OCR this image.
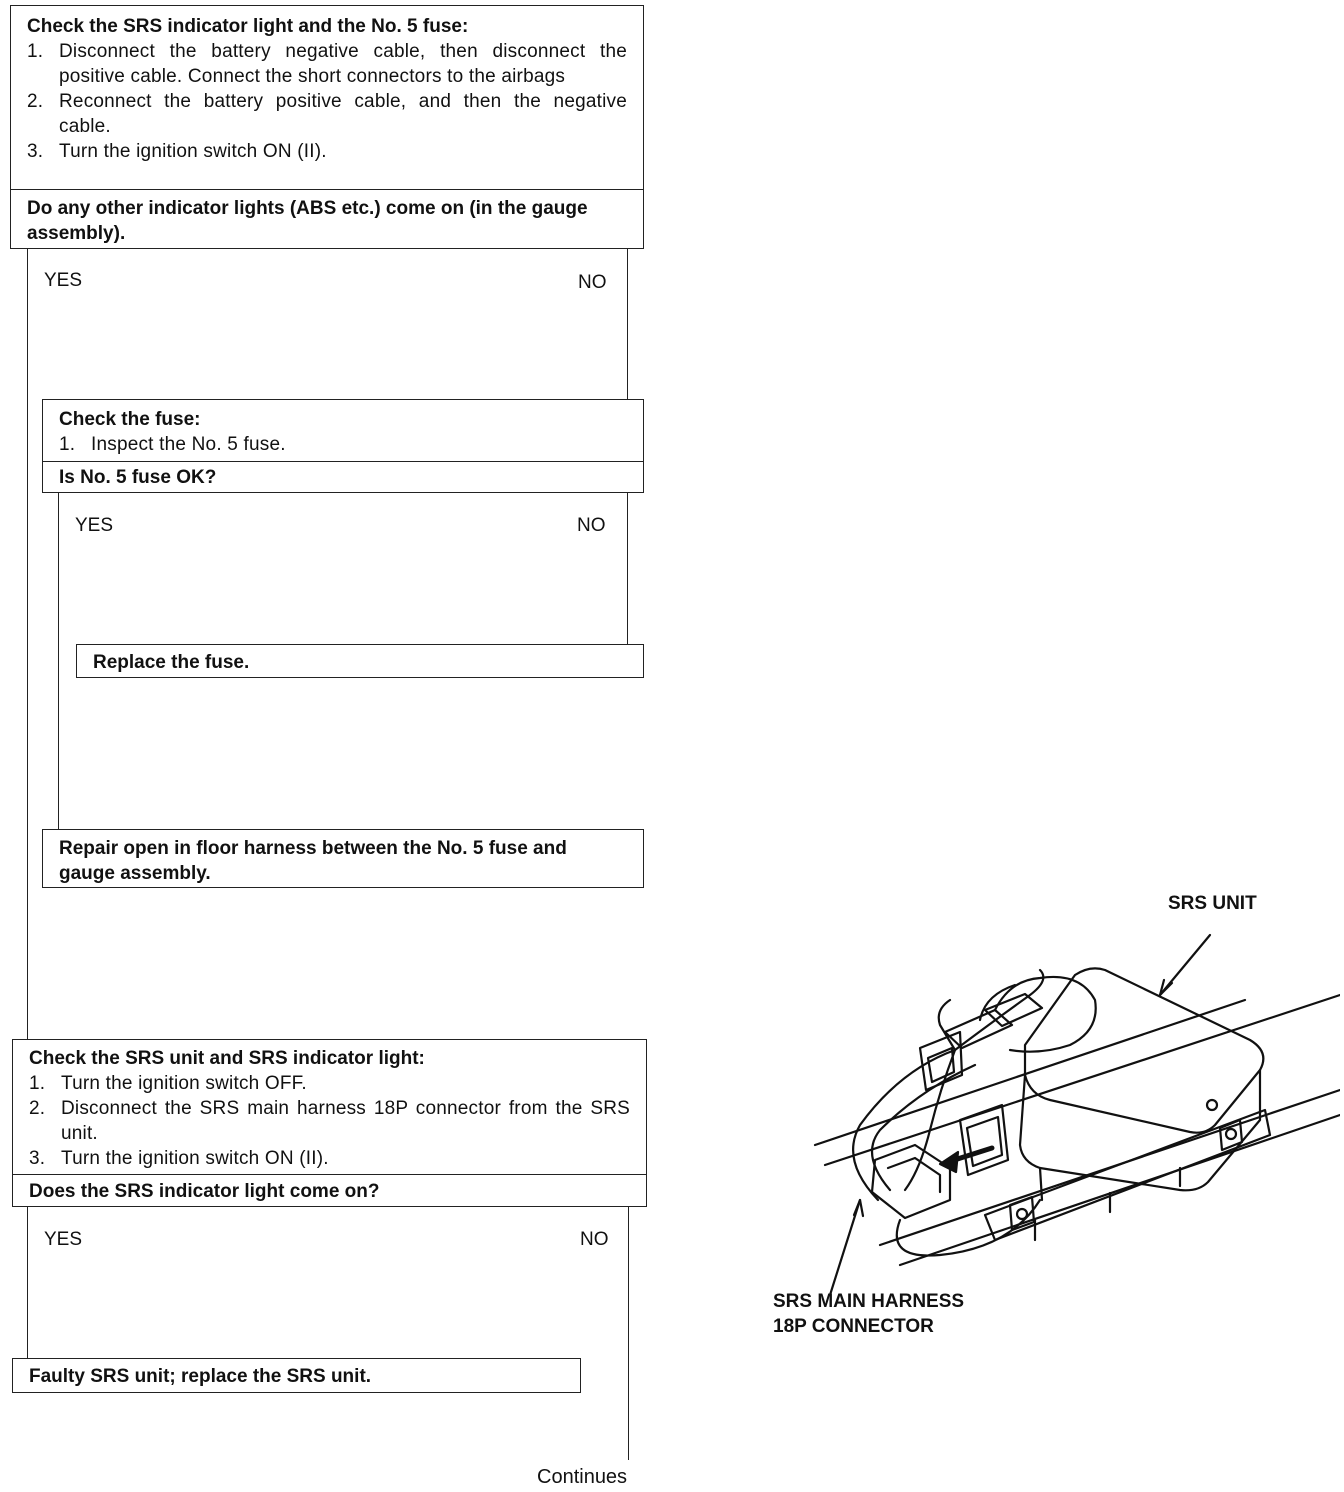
Check the SRS indicator light and the No. 5 fuse:
1. Disconnect the battery negative cable, then disconnect the positive cable. Connect the short connectors to the airbags
2. Reconnect the battery positive cable, and then the negative cable.
3. Turn the ignition switch ON (II).
Do any other indicator lights (ABS etc.) come on (in the gauge assembly).
YES	NO
Check the fuse:
1. Inspect the No. 5 fuse.
Is No. 5 fuse OK?
YES	NO
Replace the fuse.
Repair open in floor harness between the No. 5 fuse and gauge assembly.
Check the SRS unit and SRS indicator light:
1. Turn the ignition switch OFF.
2. Disconnect the SRS main harness 18P connector from the SRS unit.
3. Turn the ignition switch ON (II).
Does the SRS indicator light come on?
YES	NO
Faulty SRS unit; replace the SRS unit.
Continues
SRS UNIT
SRS MAIN HARNESS
18P CONNECTOR
